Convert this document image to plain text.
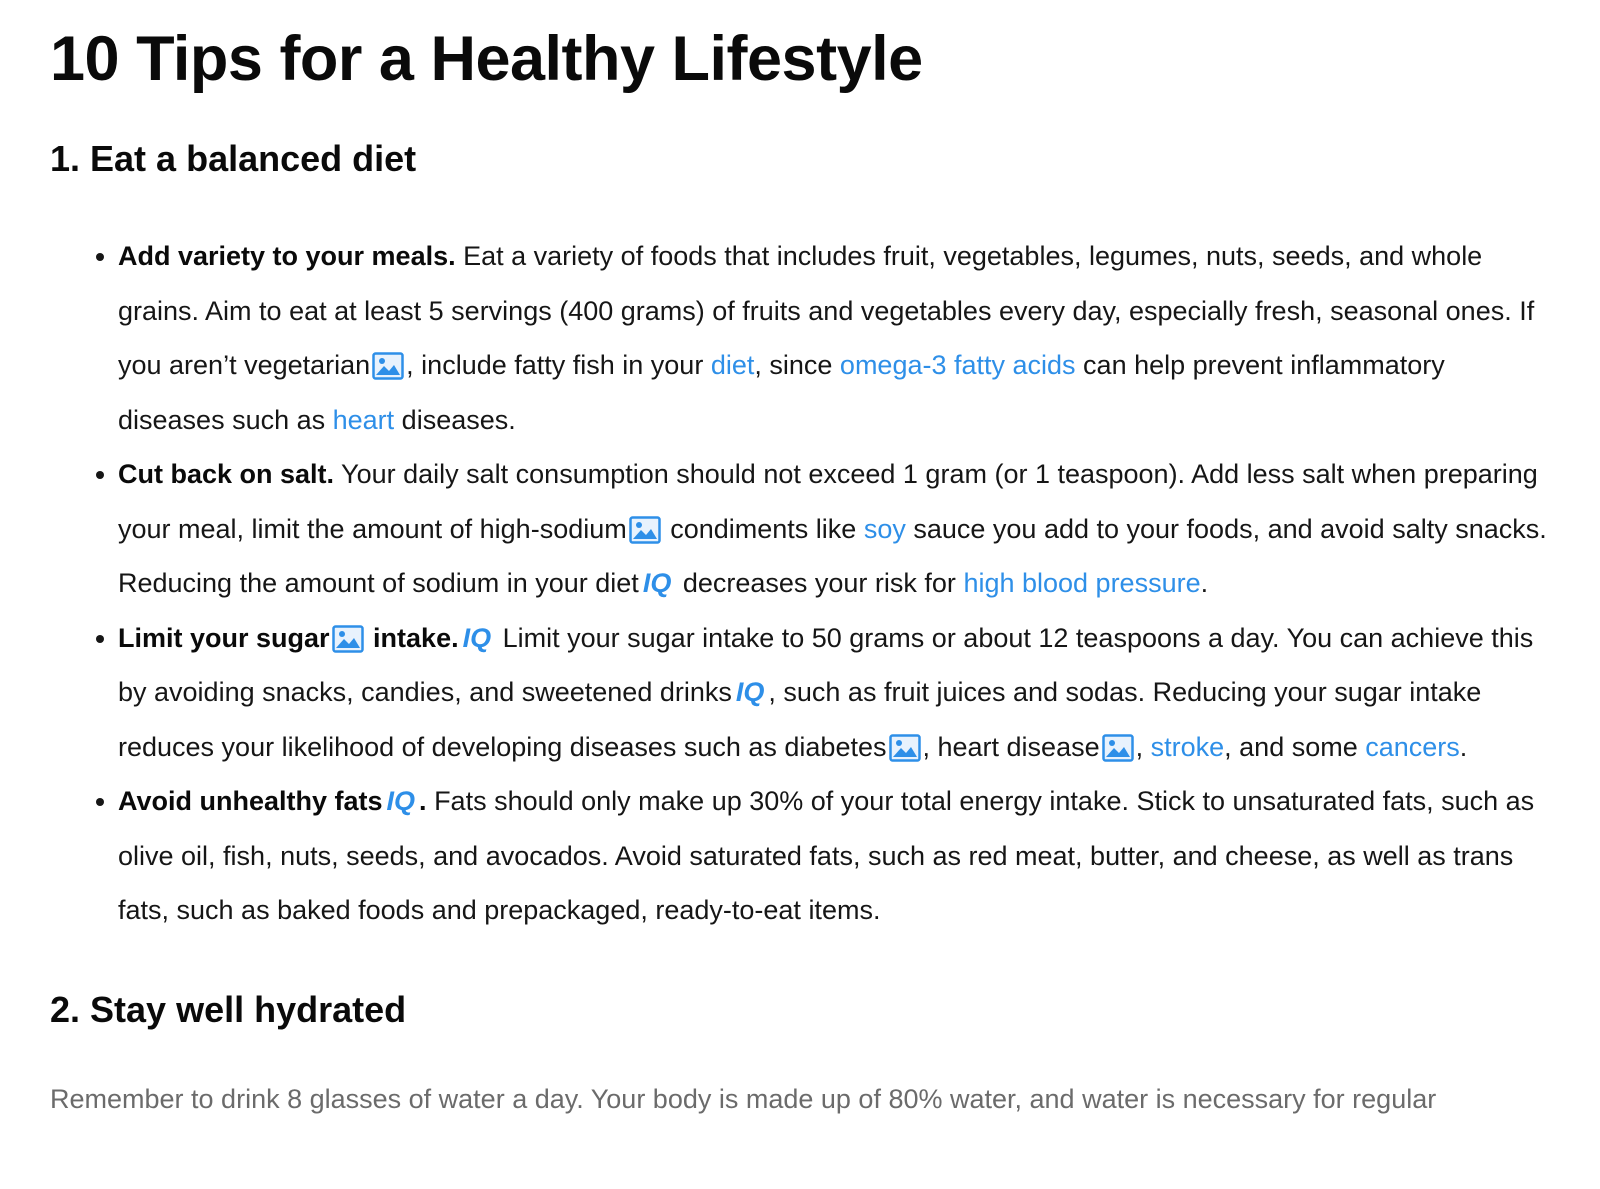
10 Tips for a Healthy Lifestyle
1. Eat a balanced diet
Add variety to your meals. Eat a variety of foods that includes fruit, vegetables, legumes, nuts, seeds, and whole grains. Aim to eat at least 5 servings (400 grams) of fruits and vegetables every day, especially fresh, seasonal ones. If you aren’t vegetarian , include fatty fish in your diet, since omega-3 fatty acids can help prevent inflammatory diseases such as heart diseases.
Cut back on salt. Your daily salt consumption should not exceed 1 gram (or 1 teaspoon). Add less salt when preparing your meal, limit the amount of high-sodium condiments like soy sauce you add to your foods, and avoid salty snacks. Reducing the amount of sodium in your diet IQ decreases your risk for high blood pressure.
Limit your sugar intake. IQ Limit your sugar intake to 50 grams or about 12 teaspoons a day. You can achieve this by avoiding snacks, candies, and sweetened drinks IQ , such as fruit juices and sodas. Reducing your sugar intake reduces your likelihood of developing diseases such as diabetes , heart disease , stroke, and some cancers.
Avoid unhealthy fats IQ . Fats should only make up 30% of your total energy intake. Stick to unsaturated fats, such as olive oil, fish, nuts, seeds, and avocados. Avoid saturated fats, such as red meat, butter, and cheese, as well as trans fats, such as baked foods and prepackaged, ready-to-eat items.
2. Stay well hydrated

Remember to drink 8 glasses of water a day. Your body is made up of 80% water, and water is necessary for regular
